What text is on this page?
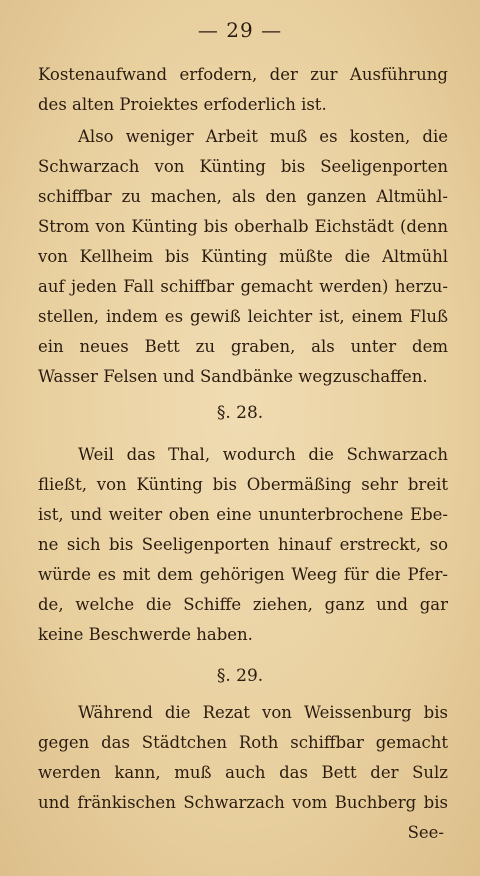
— 29 —
Kostenaufwand erfodern, der zur Ausführung
des alten Proiektes erfoderlich ist.
Also weniger Arbeit muß es kosten, die
Schwarzach von Künting bis Seeligenporten
schiffbar zu machen, als den ganzen Altmühl-
Strom von Künting bis oberhalb Eichstädt (denn
von Kellheim bis Künting müßte die Altmühl
auf jeden Fall schiffbar gemacht werden) herzu-
stellen, indem es gewiß leichter ist, einem Fluß
ein neues Bett zu graben, als unter dem
Wasser Felsen und Sandbänke wegzuschaffen.
§. 28.
Weil das Thal, wodurch die Schwarzach
fließt, von Künting bis Obermäßing sehr breit
ist, und weiter oben eine ununterbrochene Ebe-
ne sich bis Seeligenporten hinauf erstreckt, so
würde es mit dem gehörigen Weeg für die Pfer-
de, welche die Schiffe ziehen, ganz und gar
keine Beschwerde haben.
§. 29.
Während die Rezat von Weissenburg bis
gegen das Städtchen Roth schiffbar gemacht
werden kann, muß auch das Bett der Sulz
und fränkischen Schwarzach vom Buchberg bis
See-
